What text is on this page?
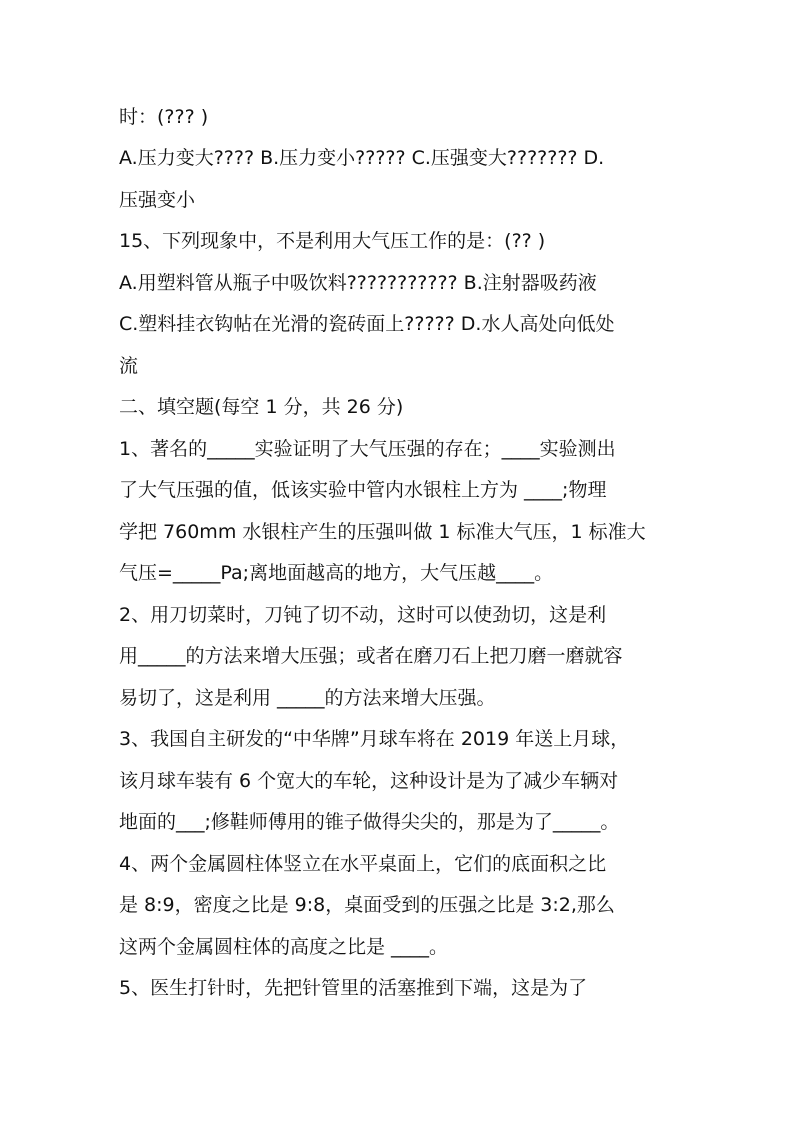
时：(??? )
A.压力变大???? B.压力变小????? C.压强变大??????? D.
压强变小
15、下列现象中，不是利用大气压工作的是：(?? )
A.用塑料管从瓶子中吸饮料??????????? B.注射器吸药液
C.塑料挂衣钩帖在光滑的瓷砖面上????? D.水人高处向低处
流
二、填空题(每空 1 分，共 26 分)
1、著名的_____实验证明了大气压强的存在；____实验测出
了大气压强的值，低该实验中管内水银柱上方为 ____;物理
学把 760mm 水银柱产生的压强叫做 1 标准大气压，1 标准大
气压=_____Pa;离地面越高的地方，大气压越____。
2、用刀切菜时，刀钝了切不动，这时可以使劲切，这是利
用_____的方法来增大压强；或者在磨刀石上把刀磨一磨就容
易切了，这是利用 _____的方法来增大压强。
3、我国自主研发的“中华牌”月球车将在 2019 年送上月球，
该月球车装有 6 个宽大的车轮，这种设计是为了减少车辆对
地面的___;修鞋师傅用的锥子做得尖尖的，那是为了_____。
4、两个金属圆柱体竖立在水平桌面上，它们的底面积之比
是 8:9，密度之比是 9:8，桌面受到的压强之比是 3:2,那么
这两个金属圆柱体的高度之比是 ____。
5、医生打针时，先把针管里的活塞推到下端，这是为了
